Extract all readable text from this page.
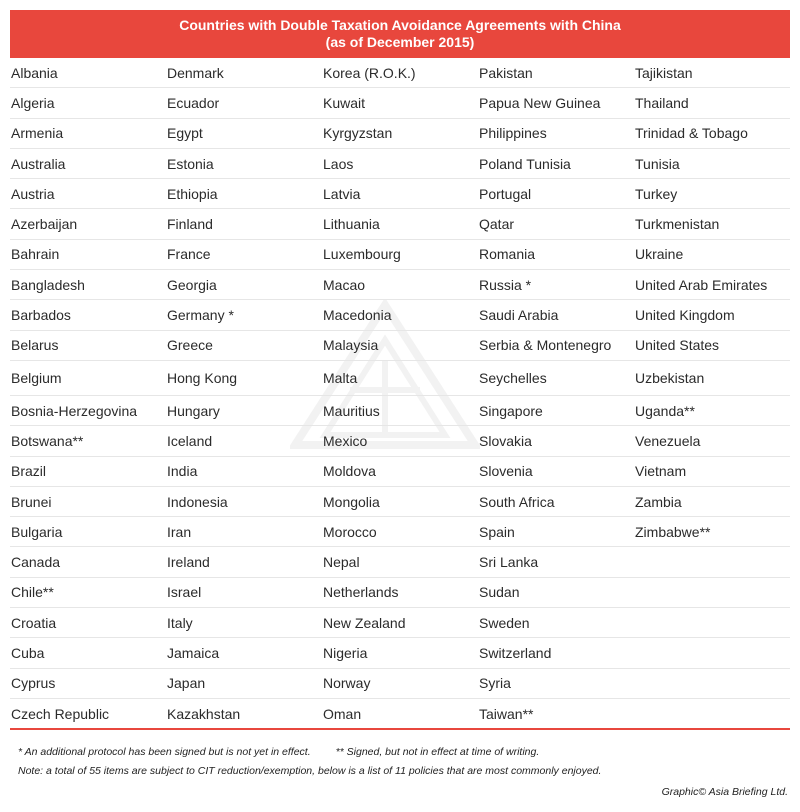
Countries with Double Taxation Avoidance Agreements with China
(as of December 2015)
Albania	Denmark	Korea (R.O.K.)	Pakistan	Tajikistan
Algeria	Ecuador	Kuwait	Papua New Guinea	Thailand
Armenia	Egypt	Kyrgyzstan	Philippines	Trinidad & Tobago
Australia	Estonia	Laos	Poland Tunisia	Tunisia
Austria	Ethiopia	Latvia	Portugal	Turkey
Azerbaijan	Finland	Lithuania	Qatar	Turkmenistan
Bahrain	France	Luxembourg	Romania	Ukraine
Bangladesh	Georgia	Macao	Russia *	United Arab Emirates
Barbados	Germany *	Macedonia	Saudi Arabia	United Kingdom
Belarus	Greece	Malaysia	Serbia & Montenegro	United States
Belgium	Hong Kong	Malta	Seychelles	Uzbekistan
Bosnia-Herzegovina	Hungary	Mauritius	Singapore	Uganda**
Botswana**	Iceland	Mexico	Slovakia	Venezuela
Brazil	India	Moldova	Slovenia	Vietnam
Brunei	Indonesia	Mongolia	South Africa	Zambia
Bulgaria	Iran	Morocco	Spain	Zimbabwe**
Canada	Ireland	Nepal	Sri Lanka	
Chile**	Israel	Netherlands	Sudan	
Croatia	Italy	New Zealand	Sweden	
Cuba	Jamaica	Nigeria	Switzerland	
Cyprus	Japan	Norway	Syria	
Czech Republic	Kazakhstan	Oman	Taiwan**	
* An additional protocol has been signed but is not yet in effect. ** Signed, but not in effect at time of writing.
Note: a total of 55 items are subject to CIT reduction/exemption, below is a list of 11 policies that are most commonly enjoyed.
Graphic© Asia Briefing Ltd.
